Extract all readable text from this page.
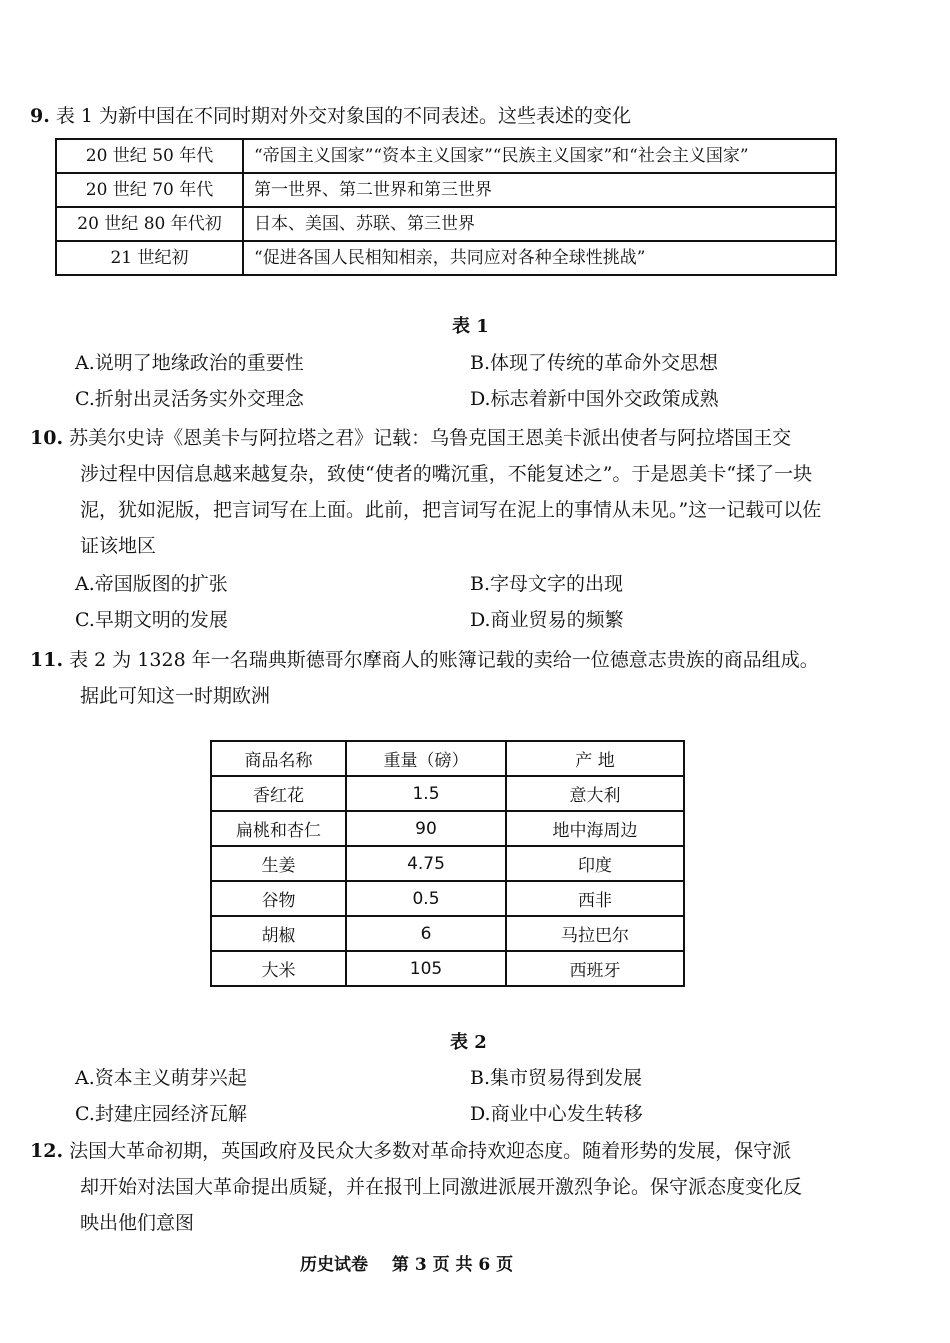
9. 表 1 为新中国在不同时期对外交对象国的不同表述。这些表述的变化
20 世纪 50 年代	“帝国主义国家”“资本主义国家”“民族主义国家”和“社会主义国家”
20 世纪 70 年代	第一世界、第二世界和第三世界
20 世纪 80 年代初	日本、美国、苏联、第三世界
21 世纪初	“促进各国人民相知相亲，共同应对各种全球性挑战”
表 1
A.说明了地缘政治的重要性	B.体现了传统的革命外交思想 C.折射出灵活务实外交理念	D.标志着新中国外交政策成熟
10. 苏美尔史诗《恩美卡与阿拉塔之君》记载：乌鲁克国王恩美卡派出使者与阿拉塔国王交
涉过程中因信息越来越复杂，致使“使者的嘴沉重，不能复述之”。于是恩美卡“揉了一块
泥，犹如泥版，把言词写在上面。此前，把言词写在泥上的事情从未见。”这一记载可以佐
证该地区
A.帝国版图的扩张	B.字母文字的出现 C.早期文明的发展	D.商业贸易的频繁
11. 表 2 为 1328 年一名瑞典斯德哥尔摩商人的账簿记载的卖给一位德意志贵族的商品组成。
据此可知这一时期欧洲
商品名称	重量（磅）	产 地
香红花	1.5	意大利
扁桃和杏仁	90	地中海周边
生姜	4.75	印度
谷物	0.5	西非
胡椒	6	马拉巴尔
大米	105	西班牙
表 2
A.资本主义萌芽兴起	B.集市贸易得到发展 C.封建庄园经济瓦解	D.商业中心发生转移
12. 法国大革命初期，英国政府及民众大多数对革命持欢迎态度。随着形势的发展，保守派
却开始对法国大革命提出质疑，并在报刊上同激进派展开激烈争论。保守派态度变化反
映出他们意图
历史试卷 第 3 页 共 6 页
